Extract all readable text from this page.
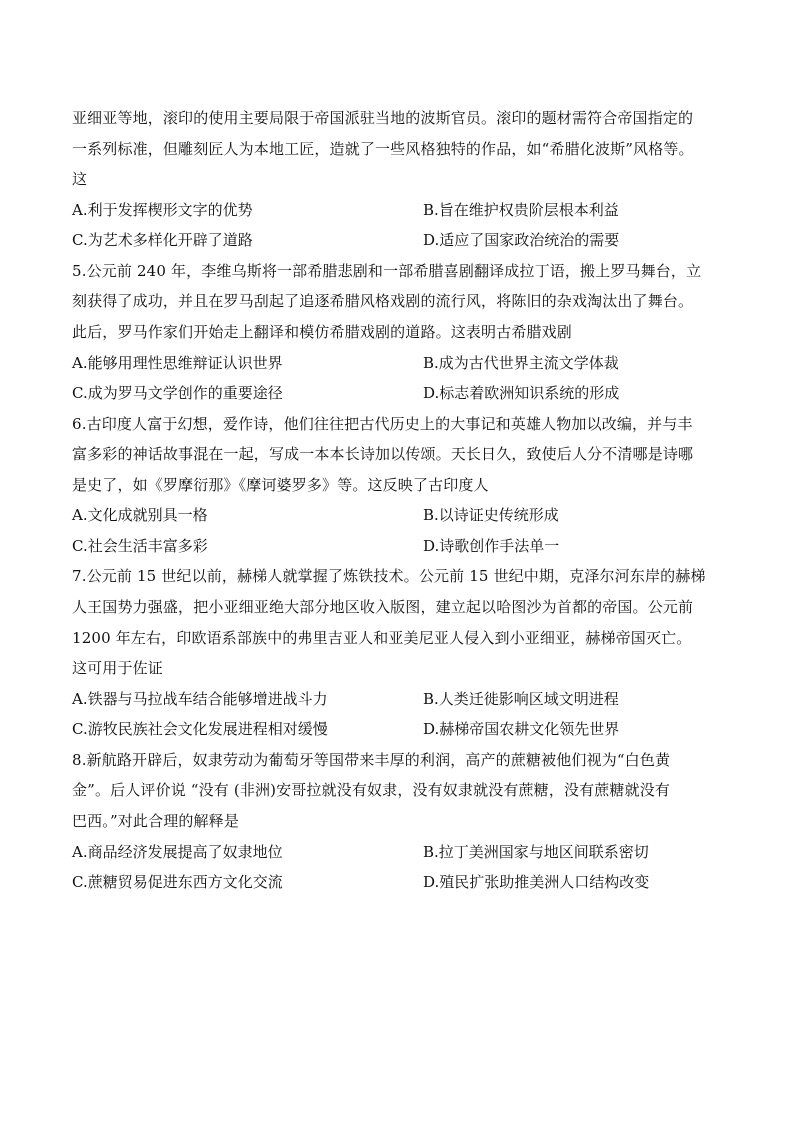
亚细亚等地，滚印的使用主要局限于帝国派驻当地的波斯官员。滚印的题材需符合帝国指定的
一系列标准，但雕刻匠人为本地工匠，造就了一些风格独特的作品，如“希腊化波斯”风格等。
这
A.利于发挥楔形文字的优势	B.旨在维护权贵阶层根本利益
C.为艺术多样化开辟了道路	D.适应了国家政治统治的需要
5.公元前 240 年，李维乌斯将一部希腊悲剧和一部希腊喜剧翻译成拉丁语，搬上罗马舞台，立
刻获得了成功，并且在罗马刮起了追逐希腊风格戏剧的流行风，将陈旧的杂戏淘汰出了舞台。
此后，罗马作家们开始走上翻译和模仿希腊戏剧的道路。这表明古希腊戏剧
A.能够用理性思维辩证认识世界	B.成为古代世界主流文学体裁
C.成为罗马文学创作的重要途径	D.标志着欧洲知识系统的形成
6.古印度人富于幻想，爱作诗，他们往往把古代历史上的大事记和英雄人物加以改编，并与丰
富多彩的神话故事混在一起，写成一本本长诗加以传颂。天长日久，致使后人分不清哪是诗哪
是史了，如《罗摩衍那》《摩诃婆罗多》等。这反映了古印度人
A.文化成就别具一格	B.以诗证史传统形成
C.社会生活丰富多彩	D.诗歌创作手法单一
7.公元前 15 世纪以前，赫梯人就掌握了炼铁技术。公元前 15 世纪中期，克泽尔河东岸的赫梯
人王国势力强盛，把小亚细亚绝大部分地区收入版图，建立起以哈图沙为首都的帝国。公元前
1200 年左右，印欧语系部族中的弗里吉亚人和亚美尼亚人侵入到小亚细亚，赫梯帝国灭亡。
这可用于佐证
A.铁器与马拉战车结合能够增进战斗力	B.人类迁徙影响区域文明进程
C.游牧民族社会文化发展进程相对缓慢	D.赫梯帝国农耕文化领先世界
8.新航路开辟后，奴隶劳动为葡萄牙等国带来丰厚的利润，高产的蔗糖被他们视为“白色黄
金”。后人评价说 “没有 (非洲)安哥拉就没有奴隶，没有奴隶就没有蔗糖，没有蔗糖就没有
巴西。”对此合理的解释是
A.商品经济发展提高了奴隶地位	B.拉丁美洲国家与地区间联系密切
C.蔗糖贸易促进东西方文化交流	D.殖民扩张助推美洲人口结构改变
